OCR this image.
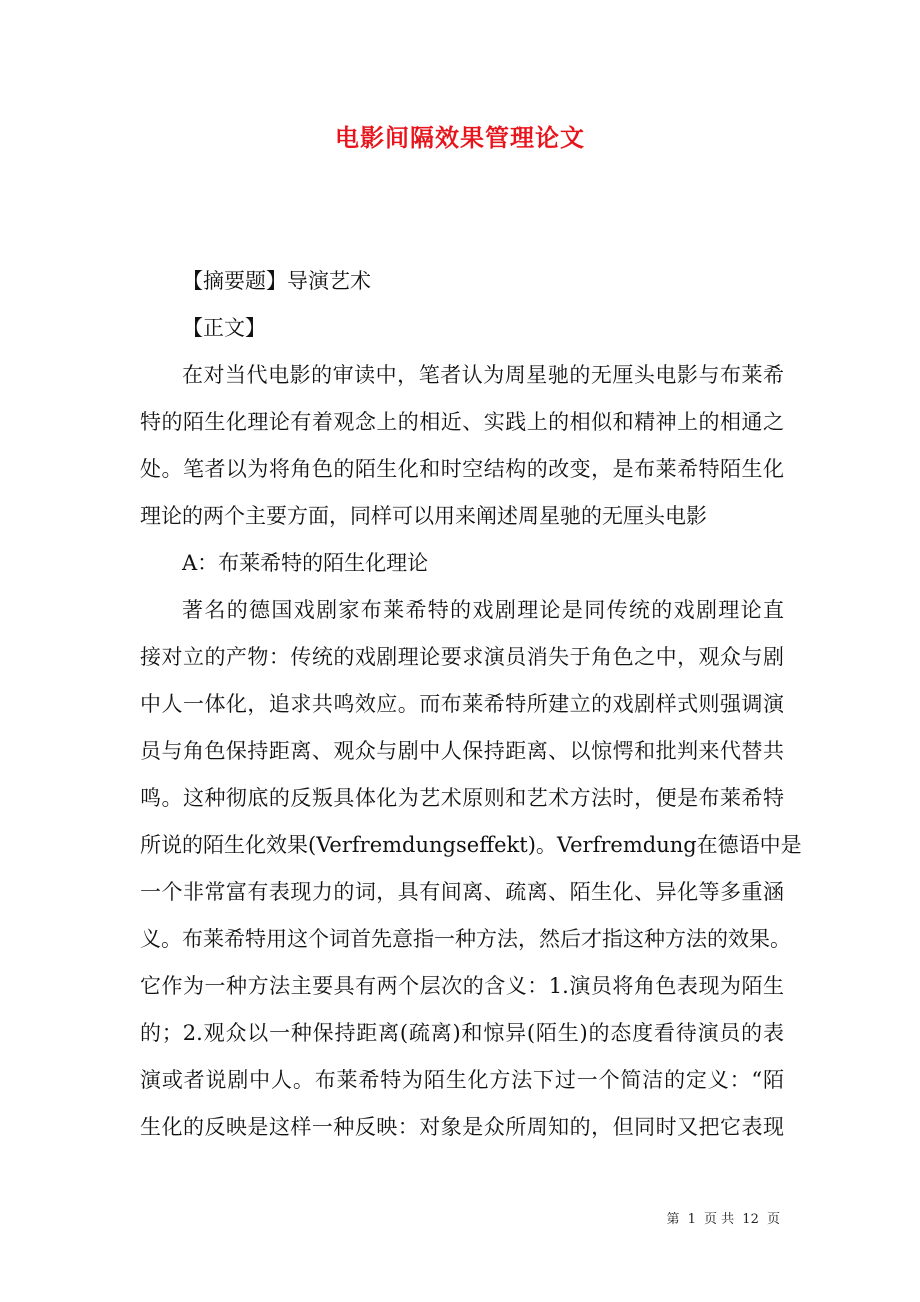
电影间隔效果管理论文
【摘要题】导演艺术
【正文】
在对当代电影的审读中，笔者认为周星驰的无厘头电影与布莱希
特的陌生化理论有着观念上的相近、实践上的相似和精神上的相通之
处。笔者以为将角色的陌生化和时空结构的改变，是布莱希特陌生化
理论的两个主要方面，同样可以用来阐述周星驰的无厘头电影
A：布莱希特的陌生化理论
著名的德国戏剧家布莱希特的戏剧理论是同传统的戏剧理论直
接对立的产物：传统的戏剧理论要求演员消失于角色之中，观众与剧
中人一体化，追求共鸣效应。而布莱希特所建立的戏剧样式则强调演
员与角色保持距离、观众与剧中人保持距离、以惊愕和批判来代替共
鸣。这种彻底的反叛具体化为艺术原则和艺术方法时，便是布莱希特
所说的陌生化效果(Verfremdungseffekt)。Verfremdung在德语中是
一个非常富有表现力的词，具有间离、疏离、陌生化、异化等多重涵
义。布莱希特用这个词首先意指一种方法，然后才指这种方法的效果。
它作为一种方法主要具有两个层次的含义：1.演员将角色表现为陌生
的；2.观众以一种保持距离(疏离)和惊异(陌生)的态度看待演员的表
演或者说剧中人。布莱希特为陌生化方法下过一个简洁的定义：“陌
生化的反映是这样一种反映：对象是众所周知的，但同时又把它表现
第 1 页 共 12 页
